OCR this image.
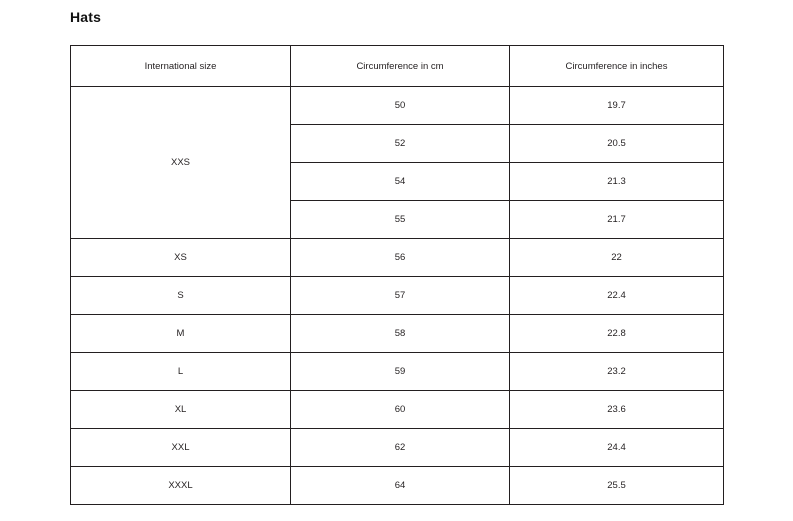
Hats
International size	Circumference in cm	Circumference in inches
XXS	50	19.7
	52	20.5
	54	21.3
	55	21.7
XS	56	22
S	57	22.4
M	58	22.8
L	59	23.2
XL	60	23.6
XXL	62	24.4
XXXL	64	25.5
